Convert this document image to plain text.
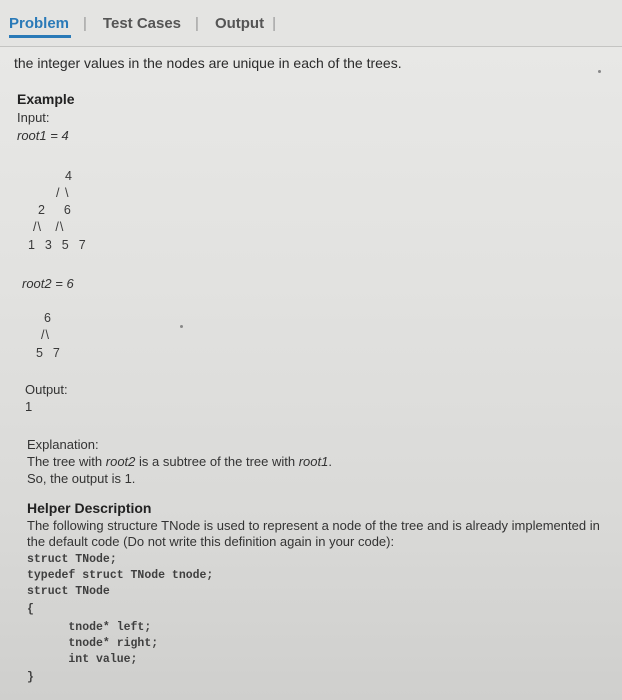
Problem | Test Cases | Output |
the integer values in the nodes are unique in each of the trees.
Example
Input:
root1 = 4
4
/ \
2    6
/\   /\
1  3  5  7
root2 = 6
6
/\
5  7
Output:
1
Explanation:
The tree with root2 is a subtree of the tree with root1.
So, the output is 1.
Helper Description
The following structure TNode is used to represent a node of the tree and is already implemented in the default code (Do not write this definition again in your code):
struct TNode;
typedef struct TNode tnode;
struct TNode
{
tnode* left;
tnode* right;
int value;
}
